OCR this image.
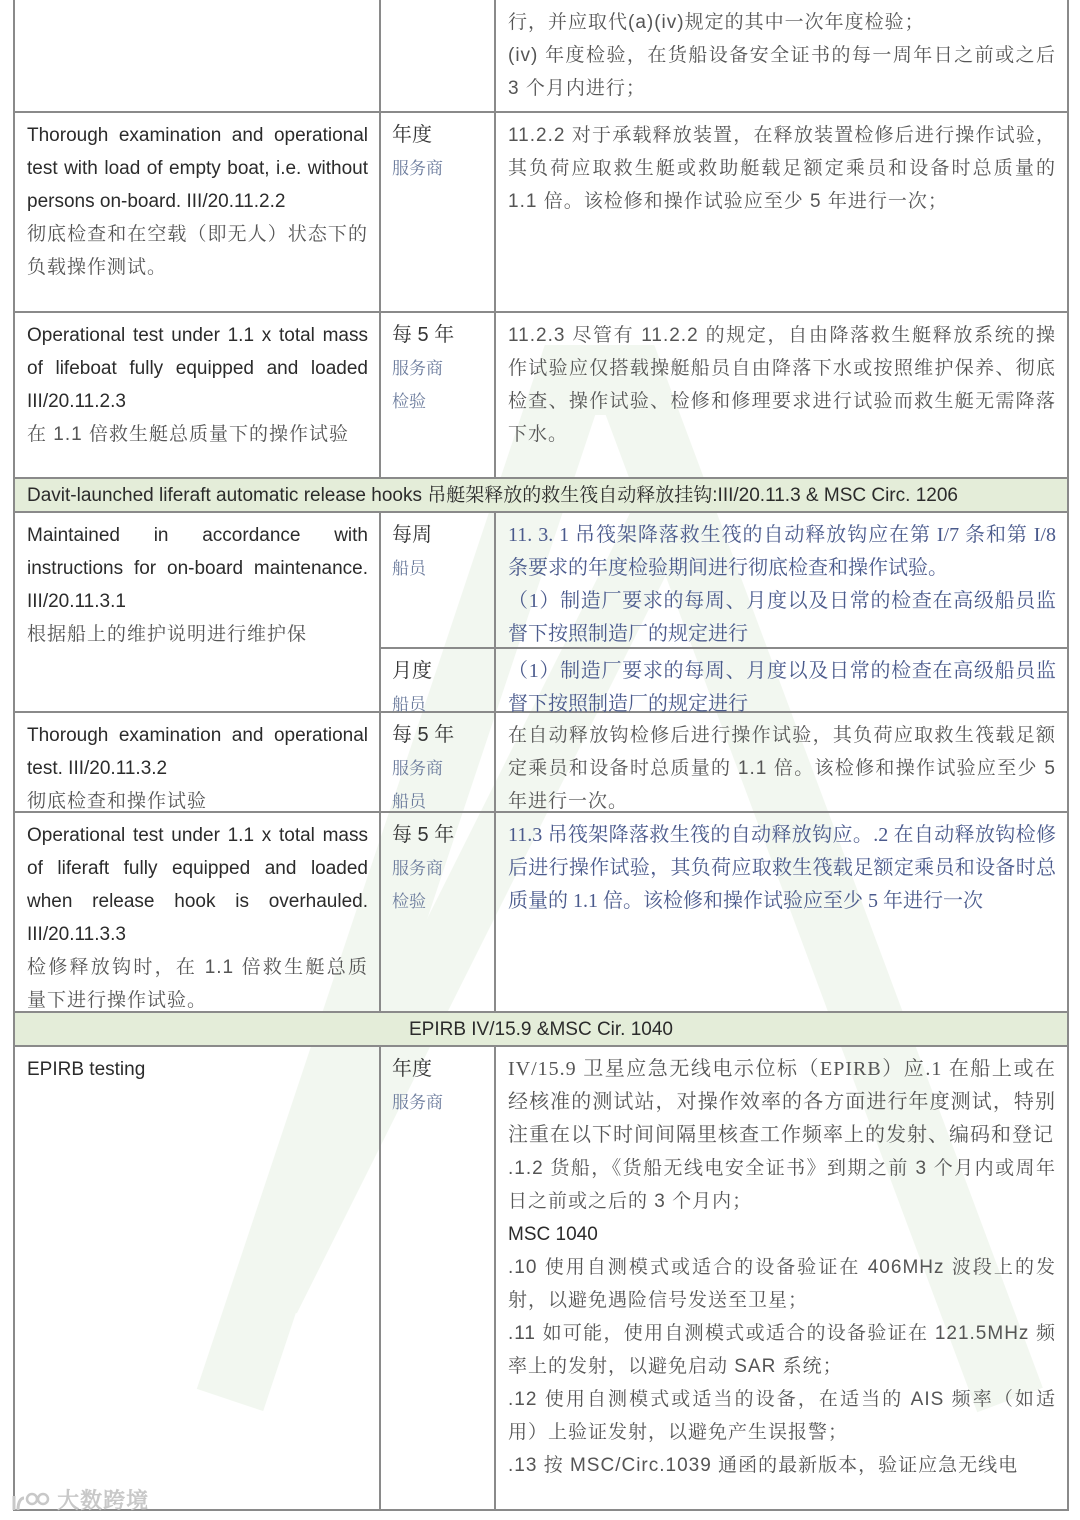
行，并应取代(a)(iv)规定的其中一次年度检验；
(iv) 年度检验，在货船设备安全证书的每一周年日之前或之后 3 个月内进行；
Thorough examination and operational test with load of empty boat, i.e. without persons on-board. III/20.11.2.2
彻底检查和在空载（即无人）状态下的负载操作测试。
年度
服务商
11.2.2 对于承载释放装置，在释放装置检修后进行操作试验，其负荷应取救生艇或救助艇载足额定乘员和设备时总质量的 1.1 倍。该检修和操作试验应至少 5 年进行一次；
Operational test under 1.1 x total mass of lifeboat fully equipped and loaded III/20.11.2.3
在 1.1 倍救生艇总质量下的操作试验
每 5 年
服务商
检验
11.2.3 尽管有 11.2.2 的规定，自由降落救生艇释放系统的操作试验应仅搭载操艇船员自由降落下水或按照维护保养、彻底检查、操作试验、检修和修理要求进行试验而救生艇无需降落下水。
Davit-launched liferaft automatic release hooks 吊艇架释放的救生筏自动释放挂钩:III/20.11.3 & MSC Circ. 1206
Maintained in accordance with instructions for on-board maintenance. III/20.11.3.1
根据船上的维护说明进行维护保
每周
船员
11. 3. 1 吊筏架降落救生筏的自动释放钩应在第 I/7 条和第 I/8 条要求的年度检验期间进行彻底检查和操作试验。
（1）制造厂要求的每周、月度以及日常的检查在高级船员监督下按照制造厂的规定进行
月度
船员
（1）制造厂要求的每周、月度以及日常的检查在高级船员监督下按照制造厂的规定进行
Thorough examination and operational test. III/20.11.3.2
彻底检查和操作试验
每 5 年
服务商
船员
在自动释放钩检修后进行操作试验，其负荷应取救生筏载足额定乘员和设备时总质量的 1.1 倍。该检修和操作试验应至少 5 年进行一次。
Operational test under 1.1 x total mass of liferaft fully equipped and loaded when release hook is overhauled. III/20.11.3.3
检修释放钩时，在 1.1 倍救生艇总质量下进行操作试验。
每 5 年
服务商
检验
11.3 吊筏架降落救生筏的自动释放钩应。.2 在自动释放钩检修后进行操作试验，其负荷应取救生筏载足额定乘员和设备时总质量的 1.1 倍。该检修和操作试验应至少 5 年进行一次
EPIRB IV/15.9 &MSC Cir. 1040
EPIRB testing	年度
服务商
IV/15.9 卫星应急无线电示位标（EPIRB）应.1 在船上或在经核准的测试站，对操作效率的各方面进行年度测试，特别注重在以下时间间隔里核查工作频率上的发射、编码和登记
.1.2 货船，《货船无线电安全证书》到期之前 3 个月内或周年日之前或之后的 3 个月内；
MSC 1040
.10 使用自测模式或适合的设备验证在 406MHz 波段上的发射，以避免遇险信号发送至卫星；
.11 如可能，使用自测模式或适合的设备验证在 121.5MHz 频率上的发射，以避免启动 SAR 系统；
.12 使用自测模式或适当的设备，在适当的 AIS 频率（如适用）上验证发射，以避免产生误报警；
.13 按 MSC/Circ.1039 通函的最新版本，验证应急无线电
大数跨境
